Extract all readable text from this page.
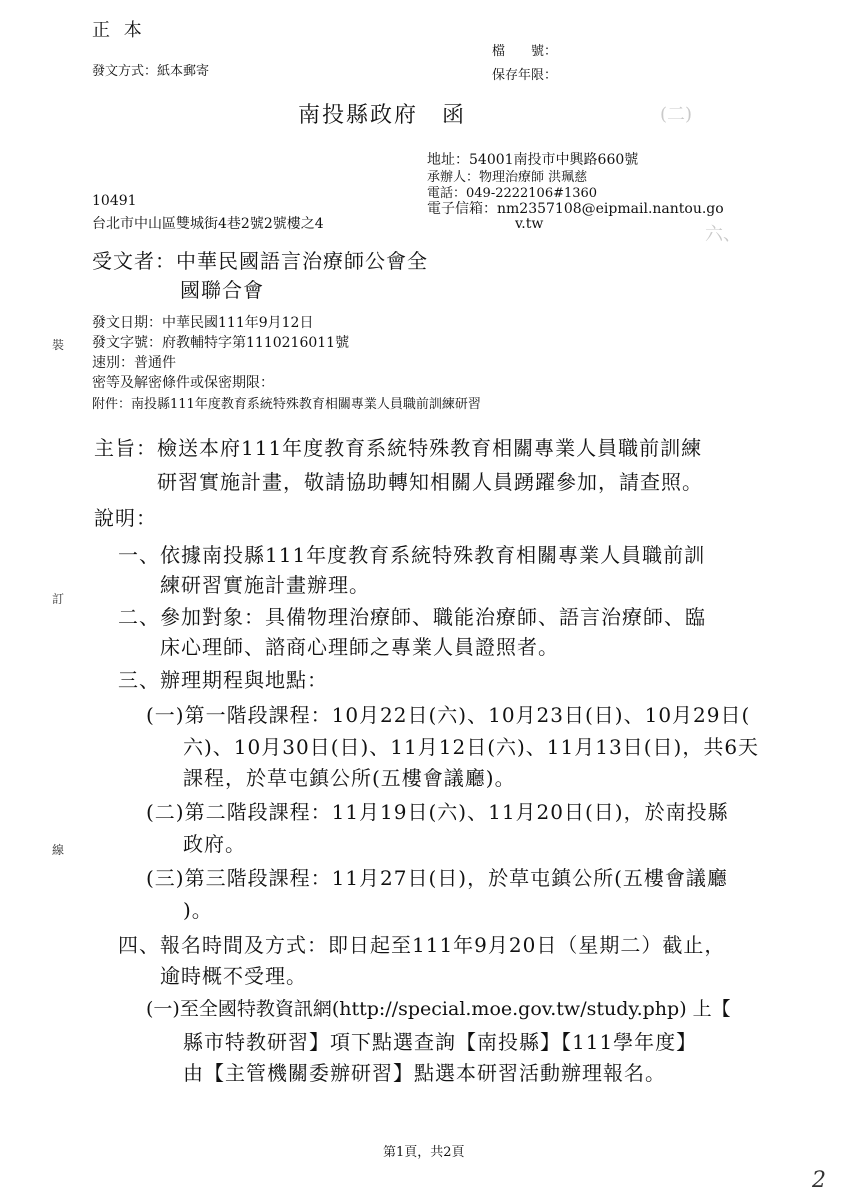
(二)
六、
正 本
發文方式：紙本郵寄
檔　　號：
保存年限：
南投縣政府　函
地址：54001南投市中興路660號
承辦人：物理治療師 洪珮慈
電話：049-2222106#1360
電子信箱：nm2357108@eipmail.nantou.go
v.tw
10491
台北市中山區雙城街4巷2號2號樓之4
受文者：中華民國語言治療師公會全
國聯合會
發文日期：中華民國111年9月12日
發文字號：府教輔特字第1110216011號
速別：普通件
密等及解密條件或保密期限：
附件：南投縣111年度教育系統特殊教育相關專業人員職前訓練研習
裝
訂
線
主旨：檢送本府111年度教育系統特殊教育相關專業人員職前訓練
研習實施計畫，敬請協助轉知相關人員踴躍參加，請查照。
說明：
一、依據南投縣111年度教育系統特殊教育相關專業人員職前訓
練研習實施計畫辦理。
二、參加對象：具備物理治療師、職能治療師、語言治療師、臨
床心理師、諮商心理師之專業人員證照者。
三、辦理期程與地點：
(一)第一階段課程：10月22日(六)、10月23日(日)、10月29日(
六)、10月30日(日)、11月12日(六)、11月13日(日)，共6天
課程，於草屯鎮公所(五樓會議廳)。
(二)第二階段課程：11月19日(六)、11月20日(日)，於南投縣
政府。
(三)第三階段課程：11月27日(日)，於草屯鎮公所(五樓會議廳
)。
四、報名時間及方式：即日起至111年9月20日（星期二）截止，
逾時概不受理。
(一)至全國特教資訊網(http://special.moe.gov.tw/study.php) 上【
縣市特教研習】項下點選查詢【南投縣】【111學年度】
由【主管機關委辦研習】點選本研習活動辦理報名。
第1頁，共2頁
2
